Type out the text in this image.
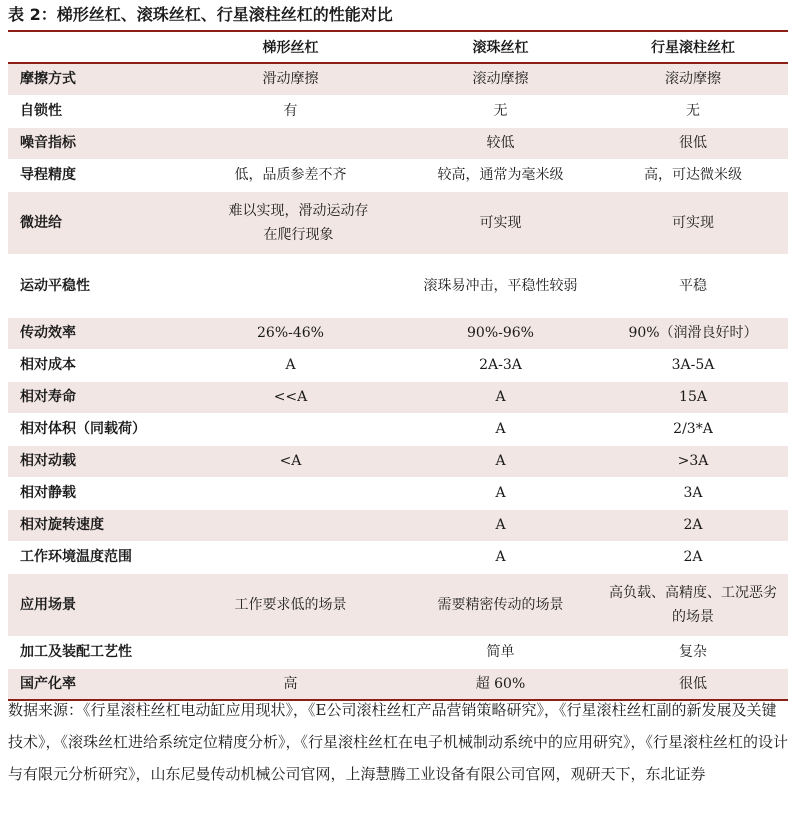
表 2：梯形丝杠、滚珠丝杠、行星滚柱丝杠的性能对比
	梯形丝杠	滚珠丝杠	行星滚柱丝杠
摩擦方式	滑动摩擦	滚动摩擦	滚动摩擦
自锁性	有	无	无
噪音指标		较低	很低
导程精度	低，品质参差不齐	较高，通常为毫米级	高，可达微米级
微进给	难以实现，滑动运动存在爬行现象	可实现	可实现
运动平稳性		滚珠易冲击，平稳性较弱	平稳
传动效率	26%-46%	90%-96%	90%（润滑良好时）
相对成本	A	2A-3A	3A-5A
相对寿命	<<A	A	15A
相对体积（同载荷）		A	2/3*A
相对动载	<A	A	>3A
相对静载		A	3A
相对旋转速度		A	2A
工作环境温度范围		A	2A
应用场景	工作要求低的场景	需要精密传动的场景	高负载、高精度、工况恶劣的场景
加工及装配工艺性		简单	复杂
国产化率	高	超 60%	很低
数据来源：《行星滚柱丝杠电动缸应用现状》，《E公司滚柱丝杠产品营销策略研究》，《行星滚柱丝杠副的新发展及关键技术》，《滚珠丝杠进给系统定位精度分析》，《行星滚柱丝杠在电子机械制动系统中的应用研究》，《行星滚柱丝杠的设计与有限元分析研究》，山东尼曼传动机械公司官网，上海慧腾工业设备有限公司官网，观研天下，东北证券
